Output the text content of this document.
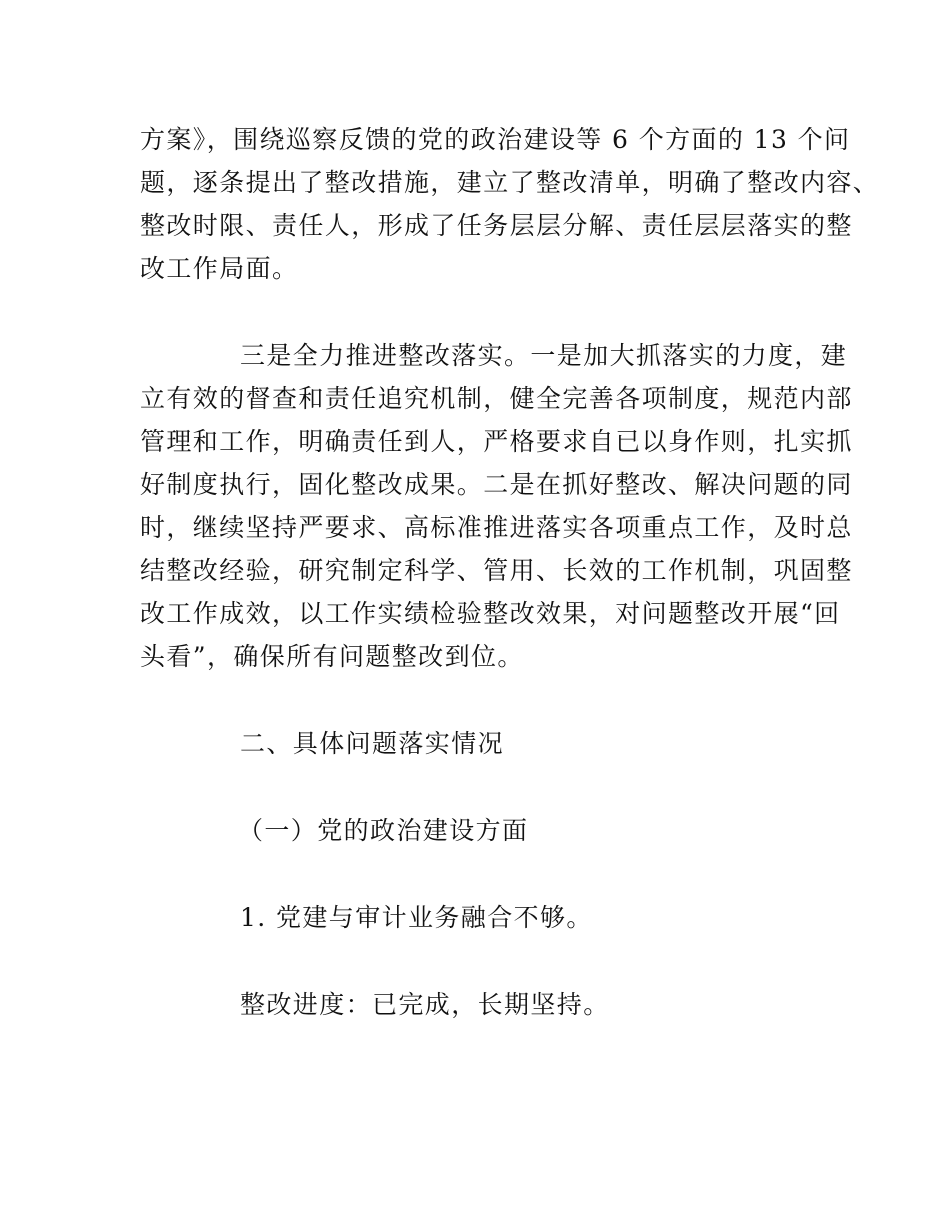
方案》，围绕巡察反馈的党的政治建设等 6 个方面的 13 个问
题，逐条提出了整改措施，建立了整改清单，明确了整改内容、
整改时限、责任人，形成了任务层层分解、责任层层落实的整
改工作局面。
三是全力推进整改落实。一是加大抓落实的力度，建
立有效的督查和责任追究机制，健全完善各项制度，规范内部
管理和工作，明确责任到人，严格要求自已以身作则，扎实抓
好制度执行，固化整改成果。二是在抓好整改、解决问题的同
时，继续坚持严要求、高标准推进落实各项重点工作，及时总
结整改经验，研究制定科学、管用、长效的工作机制，巩固整
改工作成效，以工作实绩检验整改效果，对问题整改开展“回
头看”，确保所有问题整改到位。
二、具体问题落实情况
（一）党的政治建设方面
1. 党建与审计业务融合不够。
整改进度：已完成，长期坚持。
